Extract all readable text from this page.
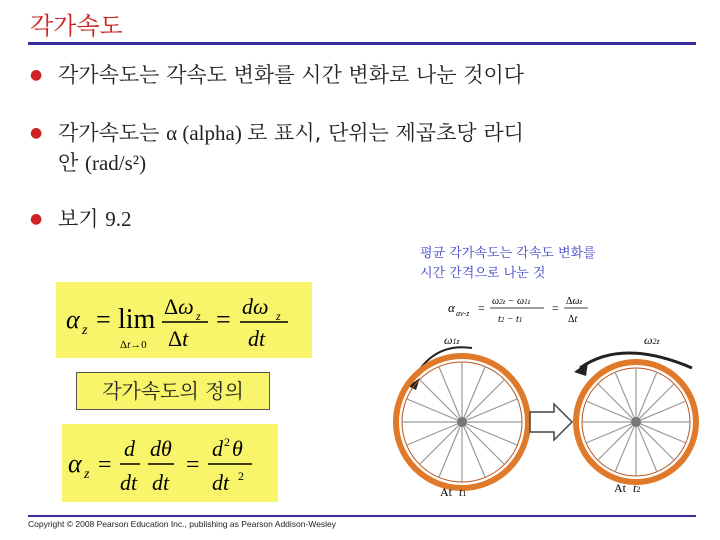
각가속도
● 각가속도는 각속도 변화를 시간 변화로 나눈 것이다
● 각가속도는 α (alpha) 로 표시, 단위는 제곱초당 라디
안 (rad/s²)
● 보기 9.2
평균 각가속도는 각속도 변화를
시간 간격으로 나눈 것
α z = lim
Δt→0
Δω z
Δt
= dω z
dt
각가속도의 정의
α z =
d
dt
dθ
dt
=
d 2 θ
dt 2
α av-z = ω2z − ω1z
t2 − t1
= Δωz
Δt
ω1z	ω2z
At t1	At t2
Copyright © 2008 Pearson Education Inc., publishing as Pearson Addison-Wesley
